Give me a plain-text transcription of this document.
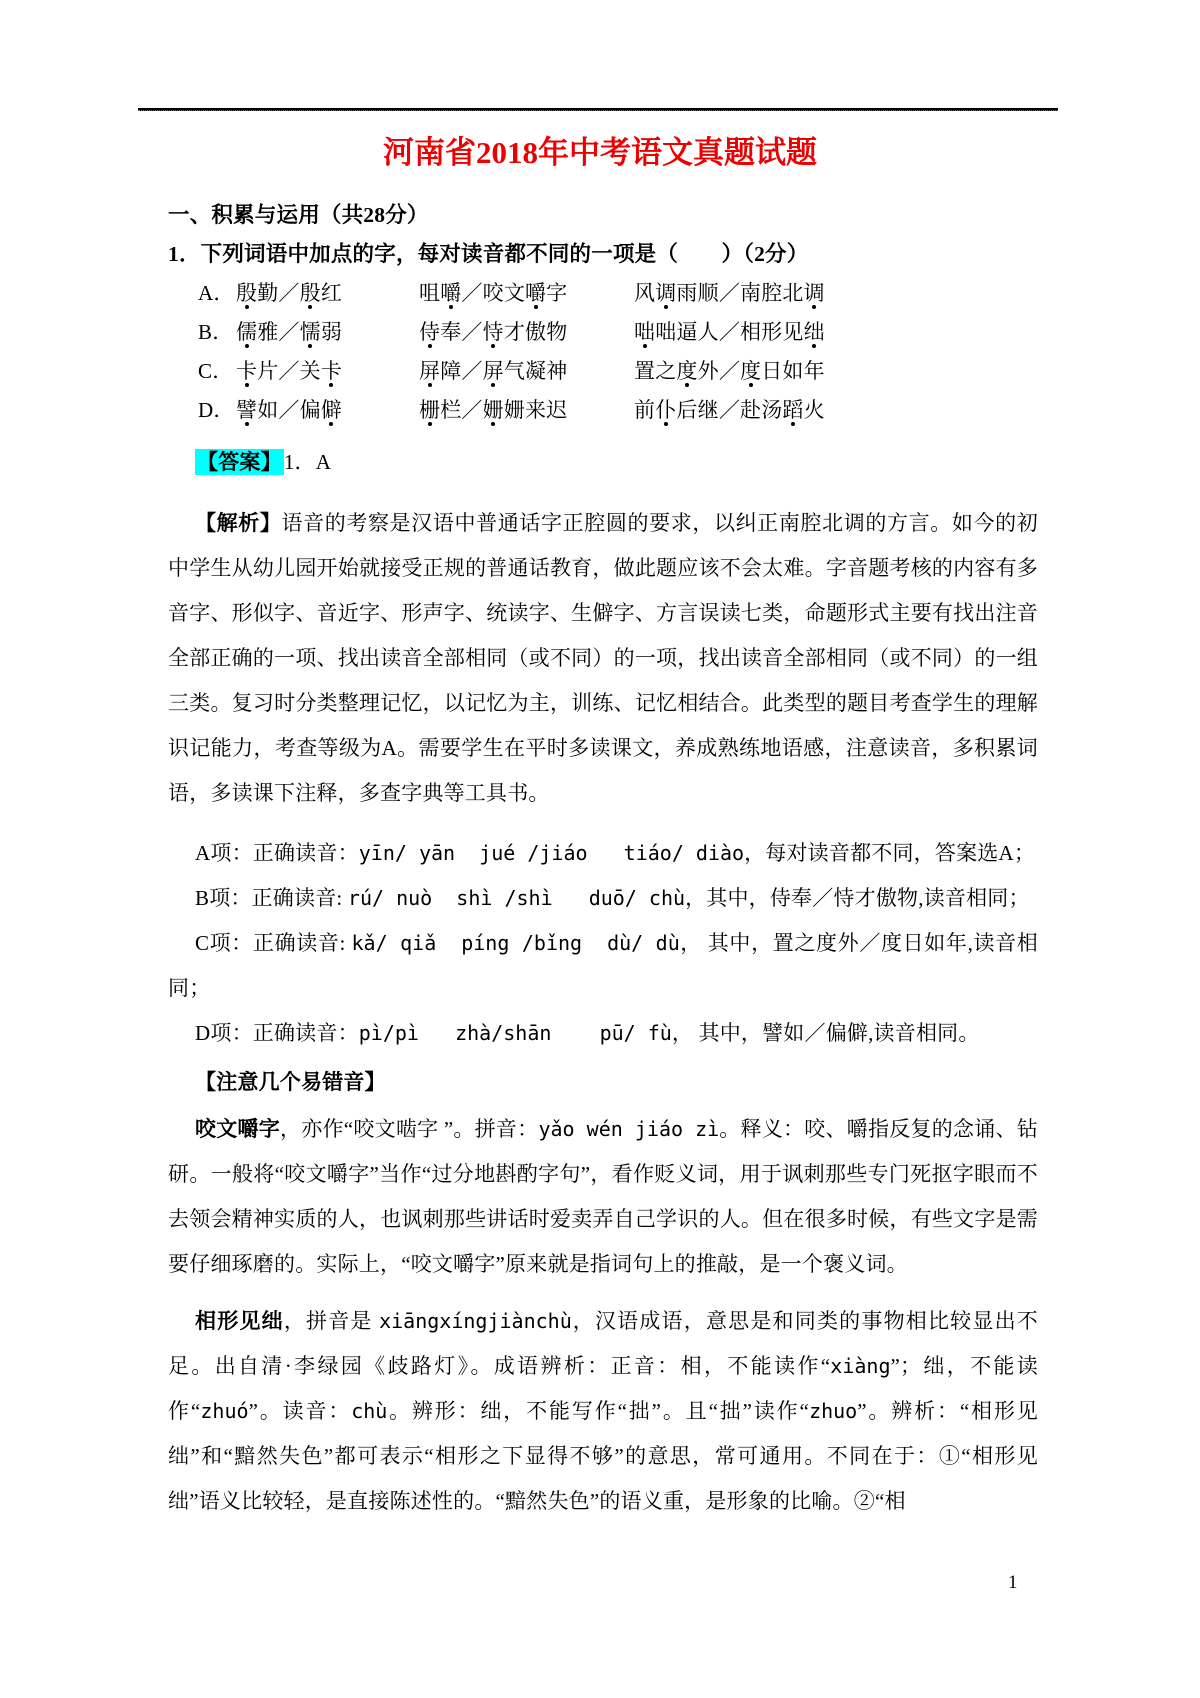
河南省2018年中考语文真题试题

一、积累与运用（共28分）

1．下列词语中加点的字，每对读音都不同的一项是（　　）（2分）

A． 殷勤／殷红	咀嚼／咬文嚼字	风调雨顺／南腔北调
B． 儒雅／懦弱	侍奉／恃才傲物	咄咄逼人／相形见绌
C． 卡片／关卡	屏障／屏气凝神	置之度外／度日如年
D． 譬如／偏僻	栅栏／姗姗来迟	前仆后继／赴汤蹈火

【答案】1．A

【解析】语音的考察是汉语中普通话字正腔圆的要求，以纠正南腔北调的方言。如今的初中学生从幼儿园开始就接受正规的普通话教育，做此题应该不会太难。字音题考核的内容有多音字、形似字、音近字、形声字、统读字、生僻字、方言误读七类，命题形式主要有找出注音全部正确的一项、找出读音全部相同（或不同）的一项，找出读音全部相同（或不同）的一组三类。复习时分类整理记忆，以记忆为主，训练、记忆相结合。此类型的题目考查学生的理解识记能力，考查等级为A。需要学生在平时多读课文，养成熟练地语感，注意读音，多积累词语，多读课下注释，多查字典等工具书。

A项：正确读音：yīn/ yān  jué /jiáo   tiáo/ diào，每对读音都不同，答案选A；

B项：正确读音: rú/ nuò  shì /shì   duō/ chù，其中，侍奉／恃才傲物,读音相同；

C项：正确读音: kǎ/ qiǎ  píng /bǐng  dù/ dù， 其中，置之度外／度日如年,读音相同；

D项：正确读音：pì/pì   zhà/shān    pū/ fù， 其中，譬如／偏僻,读音相同。

【注意几个易错音】

咬文嚼字，亦作“咬文啮字 ”。拼音：yǎo wén jiáo zì。释义：咬、嚼指反复的念诵、钻研。一般将“咬文嚼字”当作“过分地斟酌字句”，看作贬义词，用于讽刺那些专门死抠字眼而不去领会精神实质的人，也讽刺那些讲话时爱卖弄自己学识的人。但在很多时候，有些文字是需要仔细琢磨的。实际上，“咬文嚼字”原来就是指词句上的推敲，是一个褒义词。

相形见绌，拼音是 xiāngxíngjiànchù，汉语成语，意思是和同类的事物相比较显出不足。出自清·李绿园《歧路灯》。成语辨析：正音：相，不能读作“xiàng”；绌，不能读作“zhuó”。读音：chù。辨形：绌，不能写作“拙”。且“拙”读作“zhuo”。辨析：“相形见绌”和“黯然失色”都可表示“相形之下显得不够”的意思，常可通用。不同在于：①“相形见绌”语义比较轻，是直接陈述性的。“黯然失色”的语义重，是形象的比喻。②“相

1
